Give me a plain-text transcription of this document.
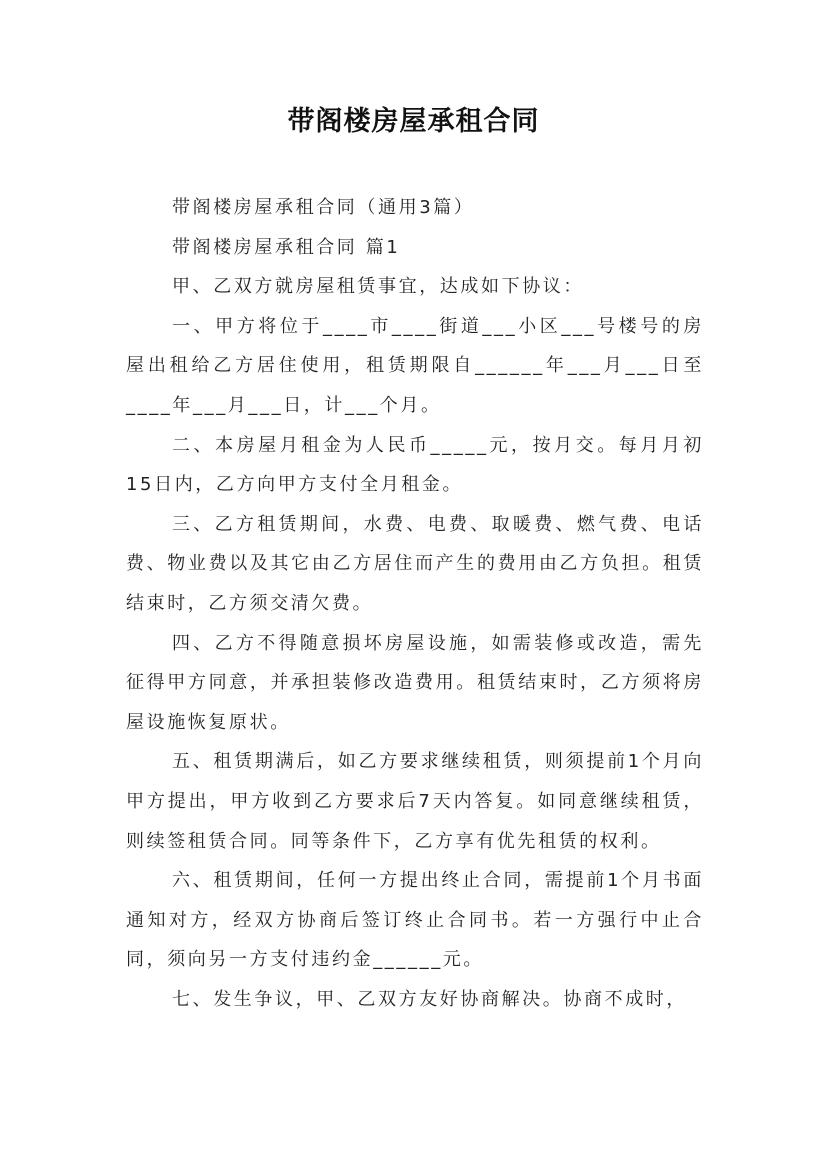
带阁楼房屋承租合同

带阁楼房屋承租合同（通用3篇）

带阁楼房屋承租合同 篇1

甲、乙双方就房屋租赁事宜，达成如下协议：

一、甲方将位于____市____街道___小区___号楼号的房屋出租给乙方居住使用，租赁期限自______年___月___日至____年___月___日，计___个月。

二、本房屋月租金为人民币_____元，按月交。每月月初15日内，乙方向甲方支付全月租金。

三、乙方租赁期间，水费、电费、取暖费、燃气费、电话费、物业费以及其它由乙方居住而产生的费用由乙方负担。租赁结束时，乙方须交清欠费。

四、乙方不得随意损坏房屋设施，如需装修或改造，需先征得甲方同意，并承担装修改造费用。租赁结束时，乙方须将房屋设施恢复原状。

五、租赁期满后，如乙方要求继续租赁，则须提前1个月向甲方提出，甲方收到乙方要求后7天内答复。如同意继续租赁，则续签租赁合同。同等条件下，乙方享有优先租赁的权利。

六、租赁期间，任何一方提出终止合同，需提前1个月书面通知对方，经双方协商后签订终止合同书。若一方强行中止合同，须向另一方支付违约金______元。

七、发生争议，甲、乙双方友好协商解决。协商不成时，
